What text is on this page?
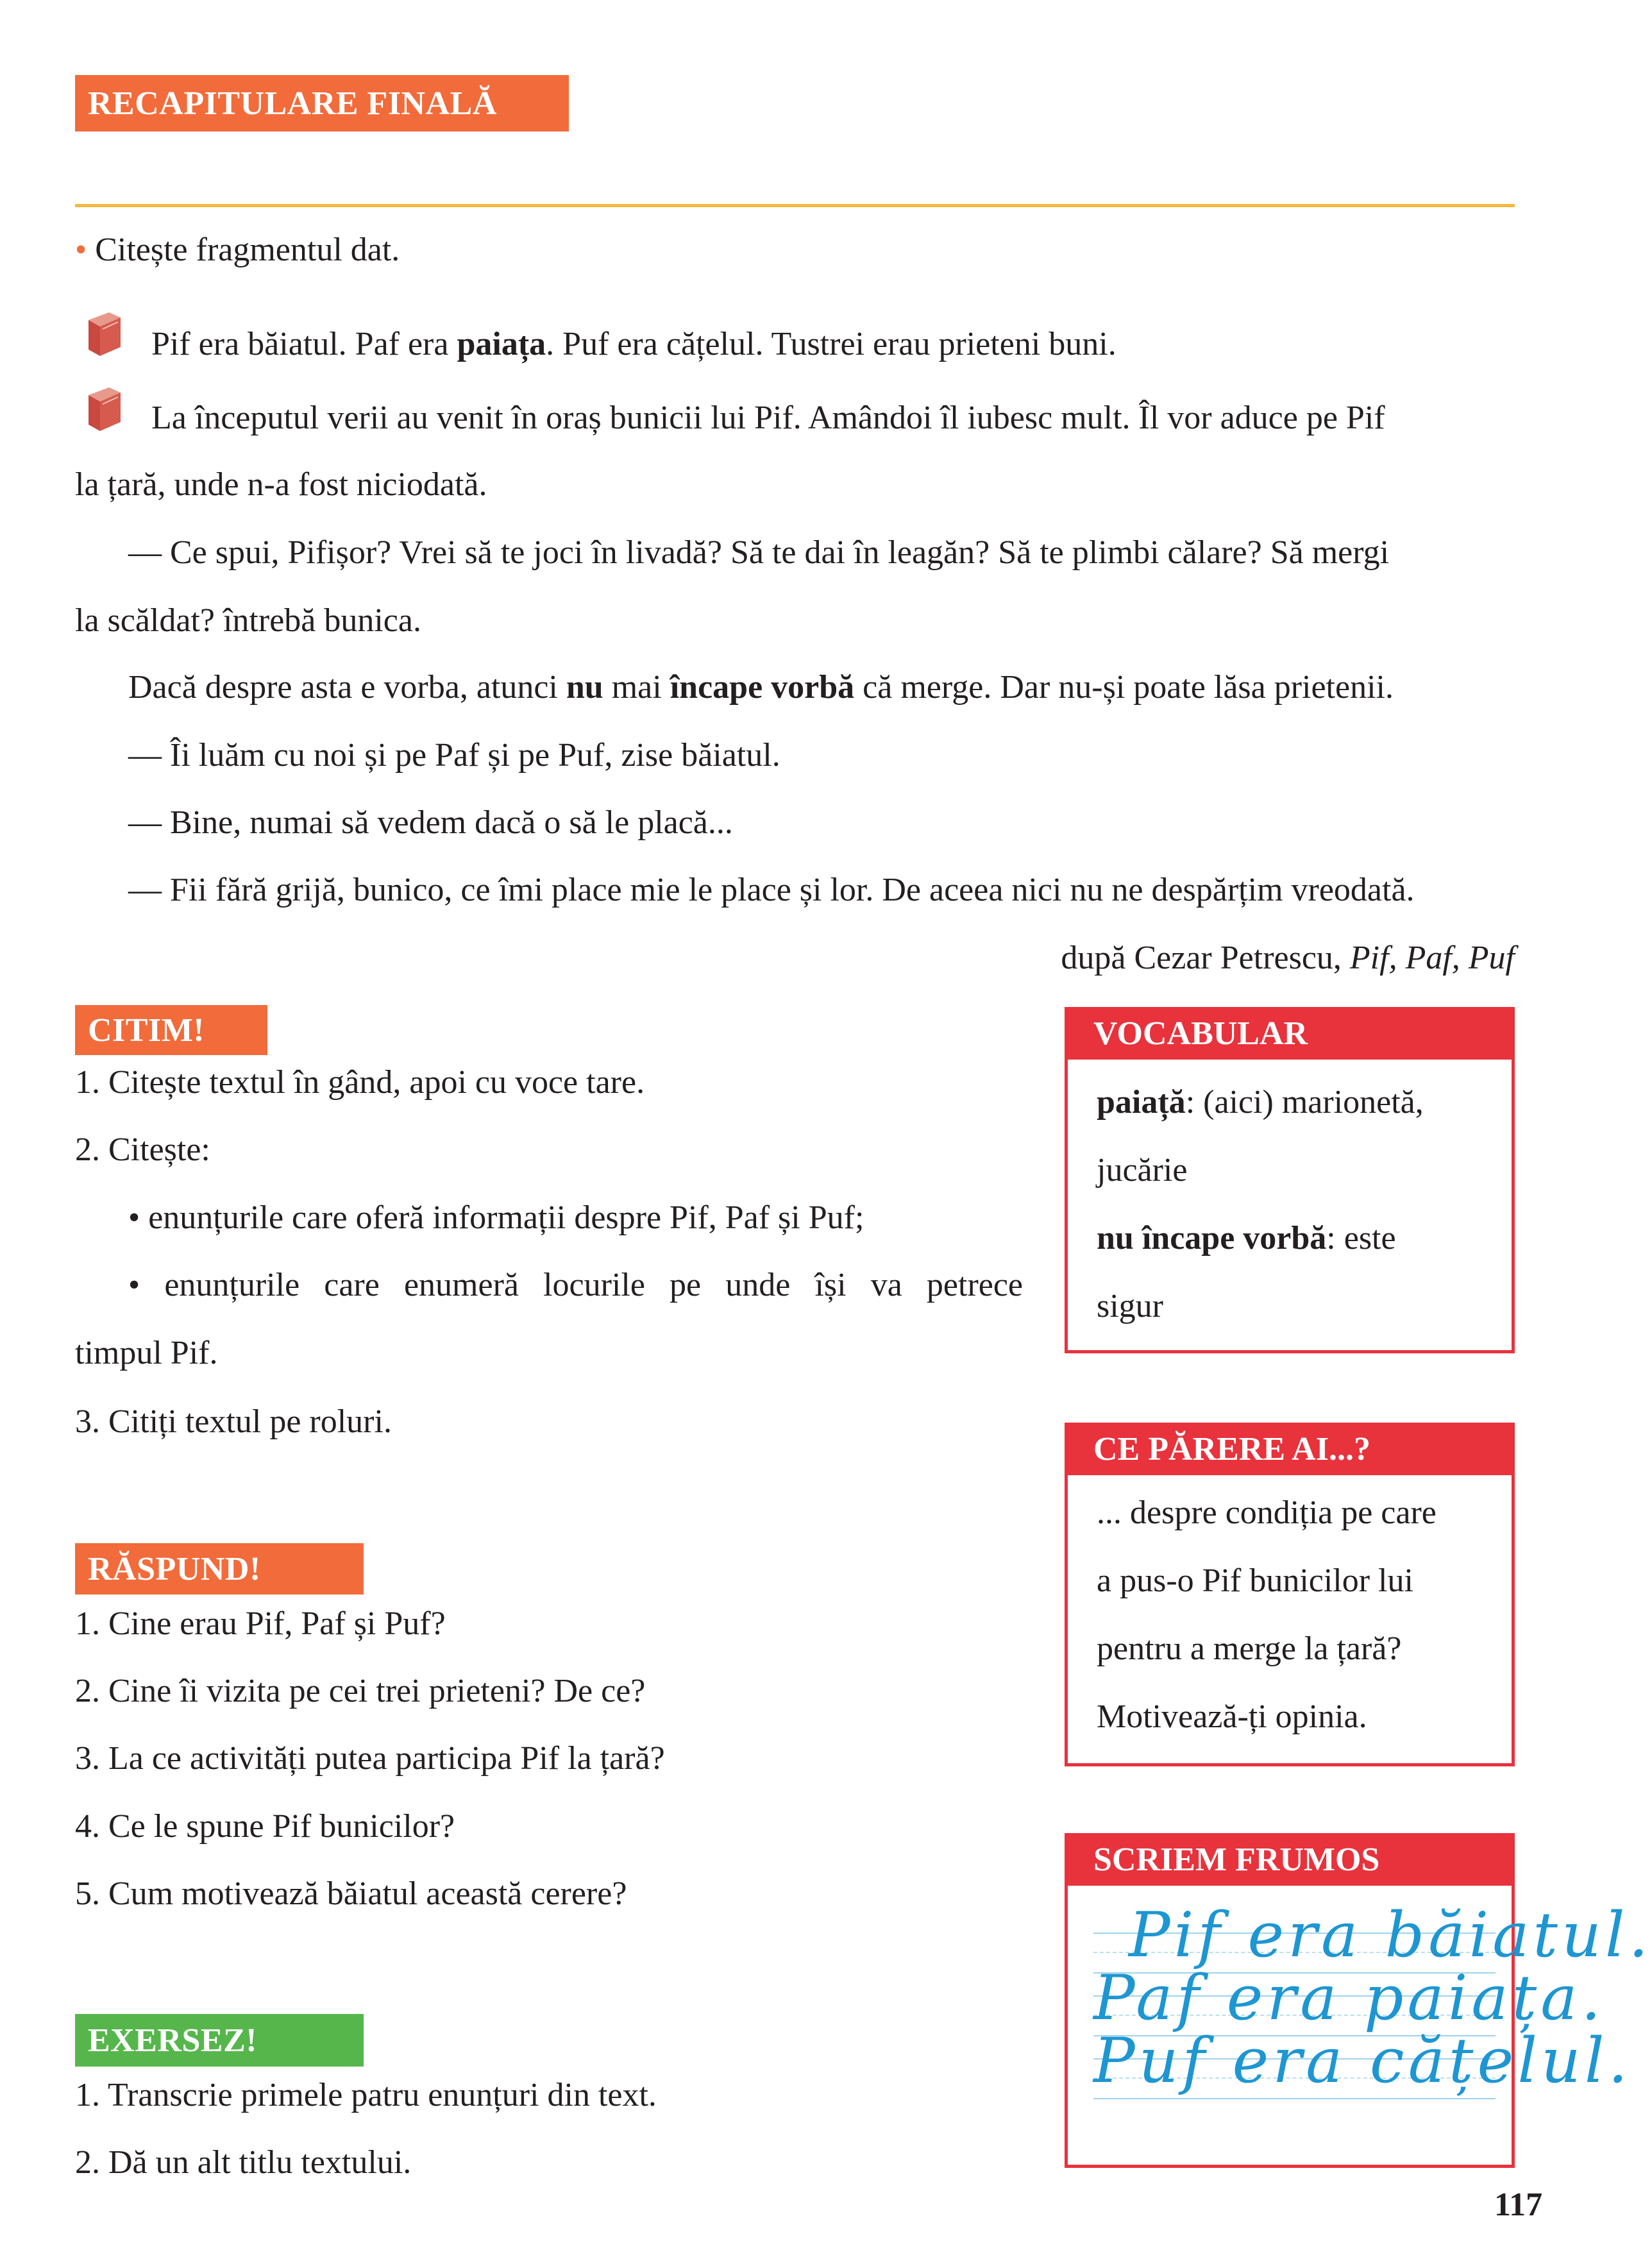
RECAPITULARE FINALĂ
• Citește fragmentul dat.
Pif era băiatul. Paf era paiața. Puf era cățelul. Tustrei erau prieteni buni.
La începutul verii au venit în oraș bunicii lui Pif. Amândoi îl iubesc mult. Îl vor aduce pe Pif
la țară, unde n-a fost niciodată.
— Ce spui, Pifișor? Vrei să te joci în livadă? Să te dai în leagăn? Să te plimbi călare? Să mergi
la scăldat? întrebă bunica.
Dacă despre asta e vorba, atunci nu mai încape vorbă că merge. Dar nu-și poate lăsa prietenii.
— Îi luăm cu noi și pe Paf și pe Puf, zise băiatul.
— Bine, numai să vedem dacă o să le placă...
— Fii fără grijă, bunico, ce îmi place mie le place și lor. De aceea nici nu ne despărțim vreodată.
după Cezar Petrescu, Pif, Paf, Puf
CITIM!
1. Citește textul în gând, apoi cu voce tare.
2. Citește:
• enunțurile care oferă informații despre Pif, Paf și Puf;
• enunțurile care enumeră locurile pe unde își va petrece
timpul Pif.
3. Citiți textul pe roluri.
RĂSPUND!
1. Cine erau Pif, Paf și Puf?
2. Cine îi vizita pe cei trei prieteni? De ce?
3. La ce activități putea participa Pif la țară?
4. Ce le spune Pif bunicilor?
5. Cum motivează băiatul această cerere?
EXERSEZ!
1. Transcrie primele patru enunțuri din text.
2. Dă un alt titlu textului.
VOCABULAR
paiață: (aici) marionetă,
jucărie
nu încape vorbă: este
sigur
CE PĂRERE AI...?
... despre condiția pe care
a pus-o Pif bunicilor lui
pentru a merge la țară?
Motivează-ți opinia.
SCRIEM FRUMOS
Pif era băiatul.
Paf era paiața.
Puf era cățelul.
117
